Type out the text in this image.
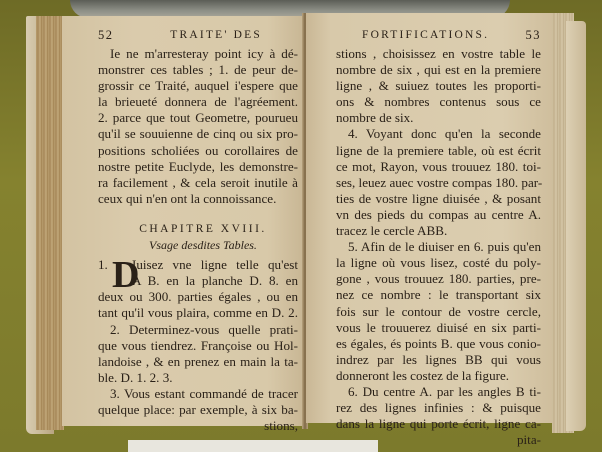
52	TRAITE' DES
Ie ne m'arresteray point icy à dé-
monstrer ces tables ; 1. de peur de-
grossir ce Traité, auquel i'espere que
la brieueté donnera de l'agréement.
2. parce que tout Geometre, pourueu
qu'il se souuienne de cinq ou six pro-
positions scholiées ou corollaires de
nostre petite Euclyde, les demonstre-
ra facilement , & cela seroit inutile à
ceux qui n'en ont la connoissance.
CHAPITRE XVIII.
Vsage desdites Tables.
1. D
Iuisez vne ligne telle qu'est
A B. en la planche D. 8. en
deux ou 300. parties égales , ou en
tant qu'il vous plaira, comme en D. 2.
2. Determinez-vous quelle prati-
que vous tiendrez. Françoise ou Hol-
landoise , & en prenez en main la ta-
ble. D. 1. 2. 3.
3. Vous estant commandé de tracer
quelque place: par exemple, à six ba-
stions,
FORTIFICATIONS.	53
stions , choisissez en vostre table le
nombre de six , qui est en la premiere
ligne , & suiuez toutes les proporti-
ons & nombres contenus sous ce
nombre de six.
4. Voyant donc qu'en la seconde
ligne de la premiere table, où est écrit
ce mot, Rayon, vous trouuez 180. toi-
ses, leuez auec vostre compas 180. par-
ties de vostre ligne diuisée , & posant
vn des pieds du compas au centre A.
tracez le cercle ABB.
5. Afin de le diuiser en 6. puis qu'en
la ligne où vous lisez, costé du poly-
gone , vous trouuez 180. parties, pre-
nez ce nombre : le transportant six
fois sur le contour de vostre cercle,
vous le trouuerez diuisé en six parti-
es égales, és points B. que vous conio-
indrez par les lignes BB qui vous
donneront les costez de la figure.
6. Du centre A. par les angles B ti-
rez des lignes infinies : & puisque
dans la ligne qui porte écrit, ligne ca-
pita-
